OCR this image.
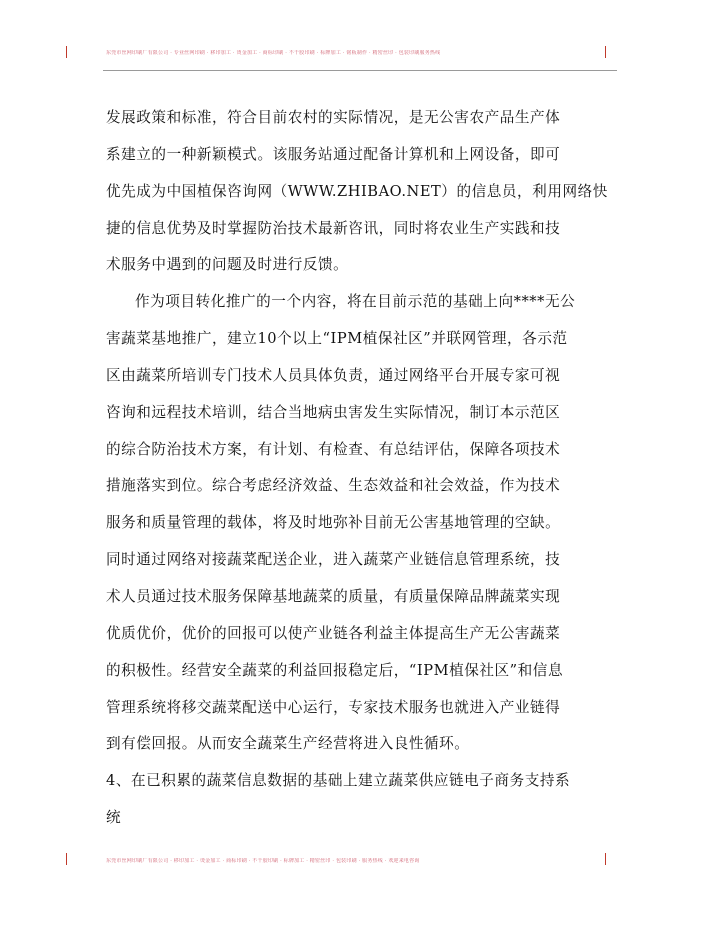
东莞市丝网印刷厂有限公司 · 专业丝网印刷 · 移印加工 · 烫金加工 · 商标印刷 · 不干胶印刷 · 标牌加工 · 铭板制作 · 精密丝印 · 包装印刷服务热线
发展政策和标准，符合目前农村的实际情况，是无公害农产品生产体
系建立的一种新颖模式。该服务站通过配备计算机和上网设备，即可
优先成为中国植保咨询网（WWW.ZHIBAO.NET）的信息员，利用网络快
捷的信息优势及时掌握防治技术最新咨讯，同时将农业生产实践和技
术服务中遇到的问题及时进行反馈。
作为项目转化推广的一个内容，将在目前示范的基础上向****无公
害蔬菜基地推广，建立10个以上“IPM植保社区”并联网管理，各示范
区由蔬菜所培训专门技术人员具体负责，通过网络平台开展专家可视
咨询和远程技术培训，结合当地病虫害发生实际情况，制订本示范区
的综合防治技术方案，有计划、有检查、有总结评估，保障各项技术
措施落实到位。综合考虑经济效益、生态效益和社会效益，作为技术
服务和质量管理的载体，将及时地弥补目前无公害基地管理的空缺。
同时通过网络对接蔬菜配送企业，进入蔬菜产业链信息管理系统，技
术人员通过技术服务保障基地蔬菜的质量，有质量保障品牌蔬菜实现
优质优价，优价的回报可以使产业链各利益主体提高生产无公害蔬菜
的积极性。经营安全蔬菜的利益回报稳定后，“IPM植保社区”和信息
管理系统将移交蔬菜配送中心运行，专家技术服务也就进入产业链得
到有偿回报。从而安全蔬菜生产经营将进入良性循环。
4、在已积累的蔬菜信息数据的基础上建立蔬菜供应链电子商务支持系
统
东莞市丝网印刷厂有限公司 · 移印加工 · 烫金加工 · 商标印刷 · 不干胶印刷 · 标牌加工 · 精密丝印 · 包装印刷 · 服务热线 · 欢迎来电咨询
